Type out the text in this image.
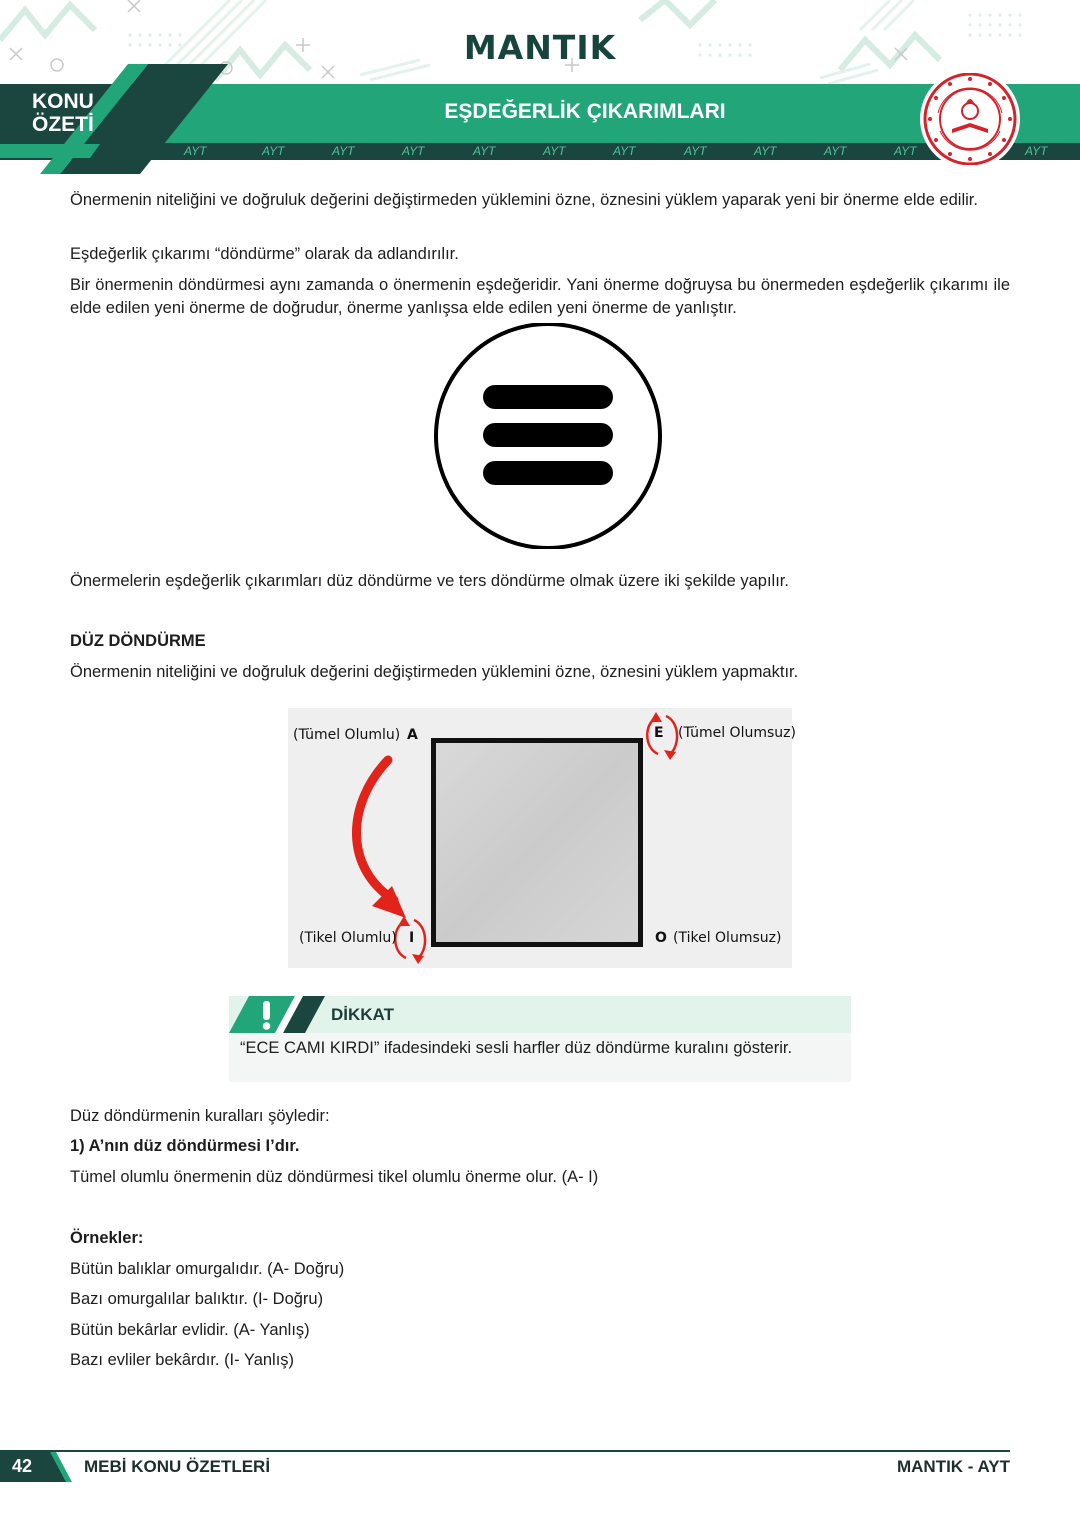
MANTIK
AYT	AYT	AYT	AYT	AYT	AYT	AYT	AYT	AYT	AYT	AYT	AYT
KONU
ÖZETİ
EŞDEĞERLİK ÇIKARIMLARI
Önermenin niteliğini ve doğruluk değerini değiştirmeden yüklemini özne, öznesini yüklem yaparak yeni bir önerme elde edilir.
Eşdeğerlik çıkarımı “döndürme” olarak da adlandırılır.
Bir önermenin döndürmesi aynı zamanda o önermenin eşdeğeridir. Yani önerme doğruysa bu önermeden eşdeğerlik çıkarımı ile elde edilen yeni önerme de doğrudur, önerme yanlışsa elde edilen yeni önerme de yanlıştır.
Önermelerin eşdeğerlik çıkarımları düz döndürme ve ters döndürme olmak üzere iki şekilde yapılır.
DÜZ DÖNDÜRME
Önermenin niteliğini ve doğruluk değerini değiştirmeden yüklemini özne, öznesini yüklem yapmaktır.
(Tümel Olumlu) A	E (Tümel Olumsuz)
(Tikel Olumlu) I	O (Tikel Olumsuz)
DİKKAT
“ECE CAMI KIRDI” ifadesindeki sesli harfler düz döndürme kuralını gösterir.
Düz döndürmenin kuralları şöyledir:
1) A’nın düz döndürmesi I’dır.
Tümel olumlu önermenin düz döndürmesi tikel olumlu önerme olur. (A- I)
Örnekler:
Bütün balıklar omurgalıdır. (A- Doğru)
Bazı omurgalılar balıktır. (I- Doğru)
Bütün bekârlar evlidir. (A- Yanlış)
Bazı evliler bekârdır. (I- Yanlış)
42	MEBİ KONU ÖZETLERİ	MANTIK - AYT
